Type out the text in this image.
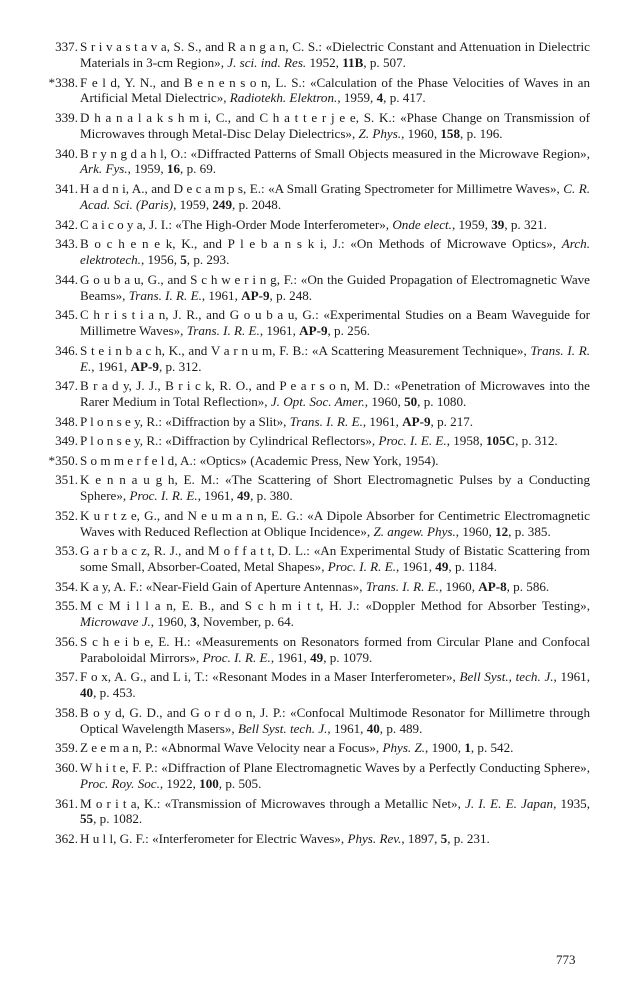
337. S r i v a s t a v a, S. S., and R a n g a n, C. S.: «Dielectric Constant and Attenuation in Dielectric Materials in 3-cm Region», J. sci. ind. Res. 1952, 11B, p. 507.
*338. F e l d, Y. N., and B e n e n s o n, L. S.: «Calculation of the Phase Velocities of Waves in an Artificial Metal Dielectric», Radiotekh. Elektron., 1959, 4, p. 417.
339. D h a n a l a k s h m i, C., and C h a t t e r j e e, S. K.: «Phase Change on Transmission of Microwaves through Metal-Disc Delay Dielectrics», Z. Phys., 1960, 158, p. 196.
340. B r y n g d a h l, O.: «Diffracted Patterns of Small Objects measured in the Microwave Region», Ark. Fys., 1959, 16, p. 69.
341. H a d n i, A., and D e c a m p s, E.: «A Small Grating Spectrometer for Millimetre Waves», C. R. Acad. Sci. (Paris), 1959, 249, p. 2048.
342. C a i c o y a, J. I.: «The High-Order Mode Interferometer», Onde elect., 1959, 39, p. 321.
343. B o c h e n e k, K., and P l e b a n s k i, J.: «On Methods of Microwave Optics», Arch. elektrotech., 1956, 5, p. 293.
344. G o u b a u, G., and S c h w e r i n g, F.: «On the Guided Propagation of Electromagnetic Wave Beams», Trans. I. R. E., 1961, AP-9, p. 248.
345. C h r i s t i a n, J. R., and G o u b a u, G.: «Experimental Studies on a Beam Waveguide for Millimetre Waves», Trans. I. R. E., 1961, AP-9, p. 256.
346. S t e i n b a c h, K., and V a r n u m, F. B.: «A Scattering Measurement Technique», Trans. I. R. E., 1961, AP-9, p. 312.
347. B r a d y, J. J., B r i c k, R. O., and P e a r s o n, M. D.: «Penetration of Microwaves into the Rarer Medium in Total Reflection», J. Opt. Soc. Amer., 1960, 50, p. 1080.
348. P l o n s e y, R.: «Diffraction by a Slit», Trans. I. R. E., 1961, AP-9, p. 217.
349. P l o n s e y, R.: «Diffraction by Cylindrical Reflectors», Proc. I. E. E., 1958, 105C, p. 312.
*350. S o m m e r f e l d, A.: «Optics» (Academic Press, New York, 1954).
351. K e n n a u g h, E. M.: «The Scattering of Short Electromagnetic Pulses by a Conducting Sphere», Proc. I. R. E., 1961, 49, p. 380.
352. K u r t z e, G., and N e u m a n n, E. G.: «A Dipole Absorber for Centimetric Electromagnetic Waves with Reduced Reflection at Oblique Incidence», Z. angew. Phys., 1960, 12, p. 385.
353. G a r b a c z, R. J., and M o f f a t t, D. L.: «An Experimental Study of Bistatic Scattering from some Small, Absorber-Coated, Metal Shapes», Proc. I. R. E., 1961, 49, p. 1184.
354. K a y, A. F.: «Near-Field Gain of Aperture Antennas», Trans. I. R. E., 1960, AP-8, p. 586.
355. M c M i l l a n, E. B., and S c h m i t t, H. J.: «Doppler Method for Absorber Testing», Microwave J., 1960, 3, November, p. 64.
356. S c h e i b e, E. H.: «Measurements on Resonators formed from Circular Plane and Confocal Paraboloidal Mirrors», Proc. I. R. E., 1961, 49, p. 1079.
357. F o x, A. G., and L i, T.: «Resonant Modes in a Maser Interferometer», Bell Syst., tech. J., 1961, 40, p. 453.
358. B o y d, G. D., and G o r d o n, J. P.: «Confocal Multimode Resonator for Millimetre through Optical Wavelength Masers», Bell Syst. tech. J., 1961, 40, p. 489.
359. Z e e m a n, P.: «Abnormal Wave Velocity near a Focus», Phys. Z., 1900, 1, p. 542.
360. W h i t e, F. P.: «Diffraction of Plane Electromagnetic Waves by a Perfectly Conducting Sphere», Proc. Roy. Soc., 1922, 100, p. 505.
361. M o r i t a, K.: «Transmission of Microwaves through a Metallic Net», J. I. E. E. Japan, 1935, 55, p. 1082.
362. H u l l, G. F.: «Interferometer for Electric Waves», Phys. Rev., 1897, 5, p. 231.
773
